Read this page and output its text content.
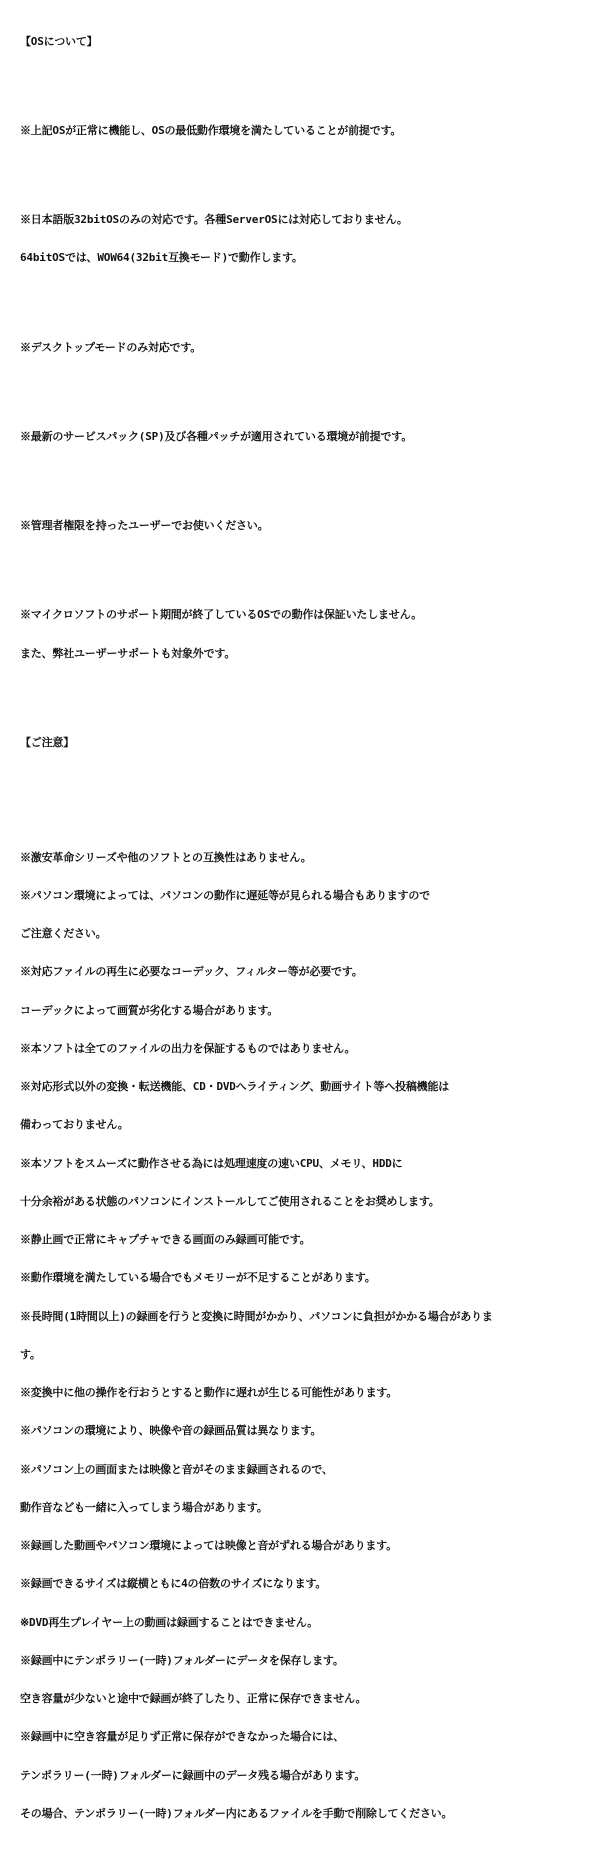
【OSについて】

※上記OSが正常に機能し、OSの最低動作環境を満たしていることが前提です。

※日本語版32bitOSのみの対応です。各種ServerOSには対応しておりません。

64bitOSでは、WOW64(32bit互換モード)で動作します。

※デスクトップモードのみ対応です。

※最新のサービスパック(SP)及び各種パッチが適用されている環境が前提です。

※管理者権限を持ったユーザーでお使いください。

※マイクロソフトのサポート期間が終了しているOSでの動作は保証いたしません。

また、弊社ユーザーサポートも対象外です。

【ご注意】

※激安革命シリーズや他のソフトとの互換性はありません。

※パソコン環境によっては、パソコンの動作に遅延等が見られる場合もありますので

ご注意ください。

※対応ファイルの再生に必要なコーデック、フィルター等が必要です。

コーデックによって画質が劣化する場合があります。

※本ソフトは全てのファイルの出力を保証するものではありません。

※対応形式以外の変換・転送機能、CD・DVDへライティング、動画サイト等へ投稿機能は

備わっておりません。

※本ソフトをスムーズに動作させる為には処理速度の速いCPU、メモリ、HDDに

十分余裕がある状態のパソコンにインストールしてご使用されることをお奨めします。

※静止画で正常にキャプチャできる画面のみ録画可能です。

※動作環境を満たしている場合でもメモリーが不足することがあります。

※長時間(1時間以上)の録画を行うと変換に時間がかかり、パソコンに負担がかかる場合がありま

す。

※変換中に他の操作を行おうとすると動作に遅れが生じる可能性があります。

※パソコンの環境により、映像や音の録画品質は異なります。

※パソコン上の画面または映像と音がそのまま録画されるので、

動作音なども一緒に入ってしまう場合があります。

※録画した動画やパソコン環境によっては映像と音がずれる場合があります。

※録画できるサイズは縦横ともに4の倍数のサイズになります。

※DVD再生プレイヤー上の動画は録画することはできません。

※録画中にテンポラリー(一時)フォルダーにデータを保存します。

空き容量が少ないと途中で録画が終了したり、正常に保存できません。

※録画中に空き容量が足りず正常に保存ができなかった場合には、

テンポラリー(一時)フォルダーに録画中のデータ残る場合があります。

その場合、テンポラリー(一時)フォルダー内にあるファイルを手動で削除してください。
